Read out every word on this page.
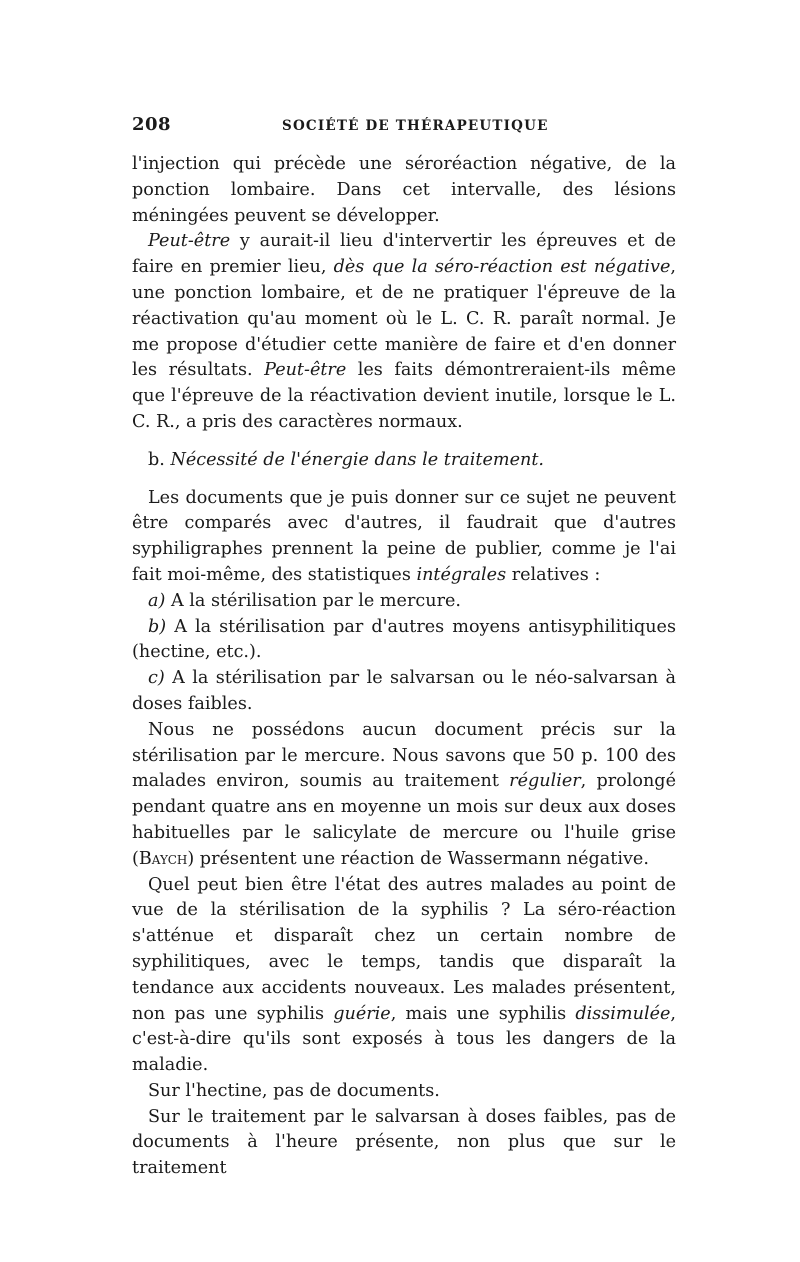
208	SOCIÉTÉ DE THÉRAPEUTIQUE

l'injection qui précède une séroréaction négative, de la ponction lombaire. Dans cet intervalle, des lésions méningées peuvent se développer.

Peut-être y aurait-il lieu d'intervertir les épreuves et de faire en premier lieu, dès que la séro-réaction est négative, une ponction lombaire, et de ne pratiquer l'épreuve de la réactivation qu'au moment où le L. C. R. paraît normal. Je me propose d'étudier cette manière de faire et d'en donner les résultats. Peut-être les faits démontreraient-ils même que l'épreuve de la réactivation devient inutile, lorsque le L. C. R., a pris des caractères normaux.

b. Nécessité de l'énergie dans le traitement.

Les documents que je puis donner sur ce sujet ne peuvent être comparés avec d'autres, il faudrait que d'autres syphiligraphes prennent la peine de publier, comme je l'ai fait moi-même, des statistiques intégrales relatives :

a) A la stérilisation par le mercure.

b) A la stérilisation par d'autres moyens antisyphilitiques (hectine, etc.).

c) A la stérilisation par le salvarsan ou le néo-salvarsan à doses faibles.

Nous ne possédons aucun document précis sur la stérilisation par le mercure. Nous savons que 50 p. 100 des malades environ, soumis au traitement régulier, prolongé pendant quatre ans en moyenne un mois sur deux aux doses habituelles par le salicylate de mercure ou l'huile grise (Baych) présentent une réaction de Wassermann négative.

Quel peut bien être l'état des autres malades au point de vue de la stérilisation de la syphilis ? La séro-réaction s'atténue et disparaît chez un certain nombre de syphilitiques, avec le temps, tandis que disparaît la tendance aux accidents nouveaux. Les malades présentent, non pas une syphilis guérie, mais une syphilis dissimulée, c'est-à-dire qu'ils sont exposés à tous les dangers de la maladie.

Sur l'hectine, pas de documents.

Sur le traitement par le salvarsan à doses faibles, pas de documents à l'heure présente, non plus que sur le traitement
